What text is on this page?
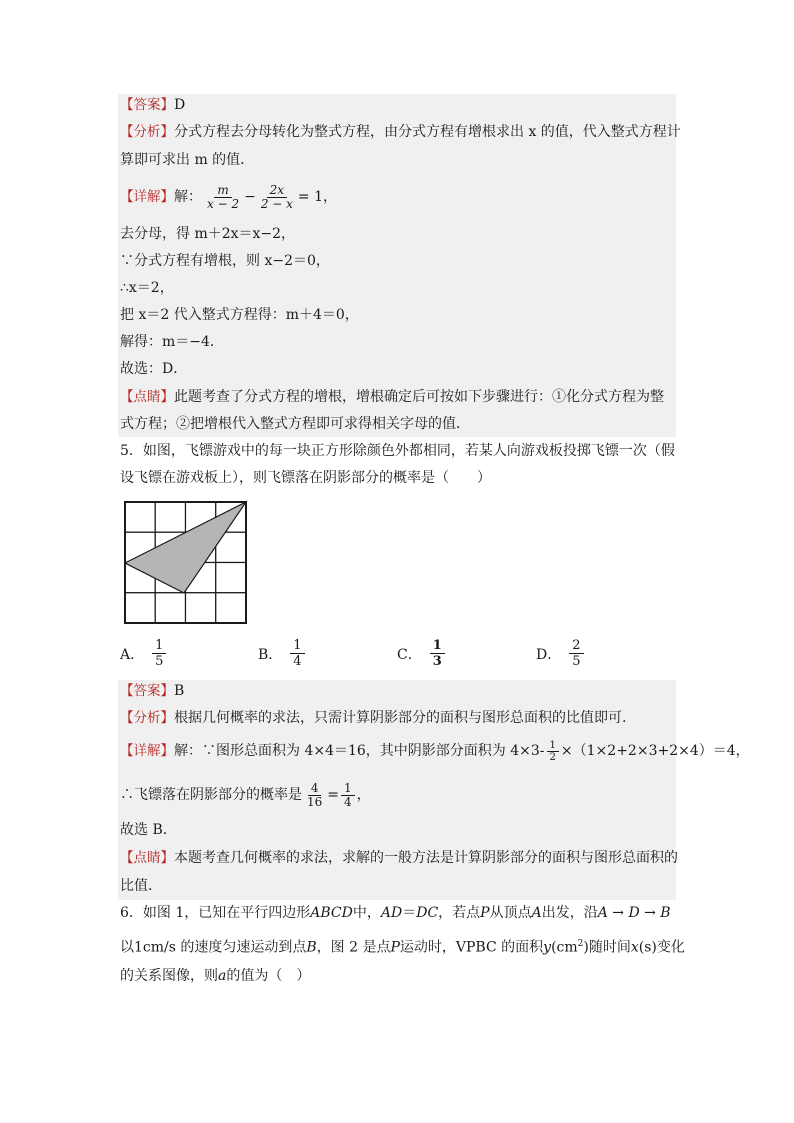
【答案】D
【分析】分式方程去分母转化为整式方程，由分式方程有增根求出 x 的值，代入整式方程计
算即可求出 m 的值．
【详解】 解： $\frac{m}{x - 2} - \frac{2x}{2 - x} = 1$，
去分母，得 m＋2x＝x−2，
∵分式方程有增根，则 x−2＝0，
∴x＝2，
把 x＝2 代入整式方程得：m＋4＝0，
解得：m＝−4．
故选：D．
【点睛】此题考查了分式方程的增根，增根确定后可按如下步骤进行：①化分式方程为整
式方程；②把增根代入整式方程即可求得相关字母的值．
5．如图，飞镖游戏中的每一块正方形除颜色外都相同，若某人向游戏板投掷飞镖一次（假
设飞镖在游戏板上），则飞镖落在阴影部分的概率是（　　）
A． $\frac{1}{5}$	B． $\frac{1}{4}$	C． $\frac{1}{3}$	D． $\frac{2}{5}$
【答案】B
【分析】根据几何概率的求法，只需计算阴影部分的面积与图形总面积的比值即可.
【详解】 解：∵图形总面积为 4×4＝16，其中阴影部分面积为 $4\times 3- \frac{1}{2} \times(1\times 2+2\times 3+2\times 4)=4$，
∴飞镖落在阴影部分的概率是 $\frac{4}{16} = \frac{1}{4}$ ，
故选 B．
【点睛】本题考查几何概率的求法，求解的一般方法是计算阴影部分的面积与图形总面积的
比值．
6．如图 1，已知在平行四边形ABCD中，AD＝DC，若点P从顶点A出发，沿A → D → B
以1cm/s 的速度匀速运动到点B，图 2 是点P运动时，VPBC 的面积$y(cm^2)$随时间x(s)变化
的关系图像，则a的值为（　）
